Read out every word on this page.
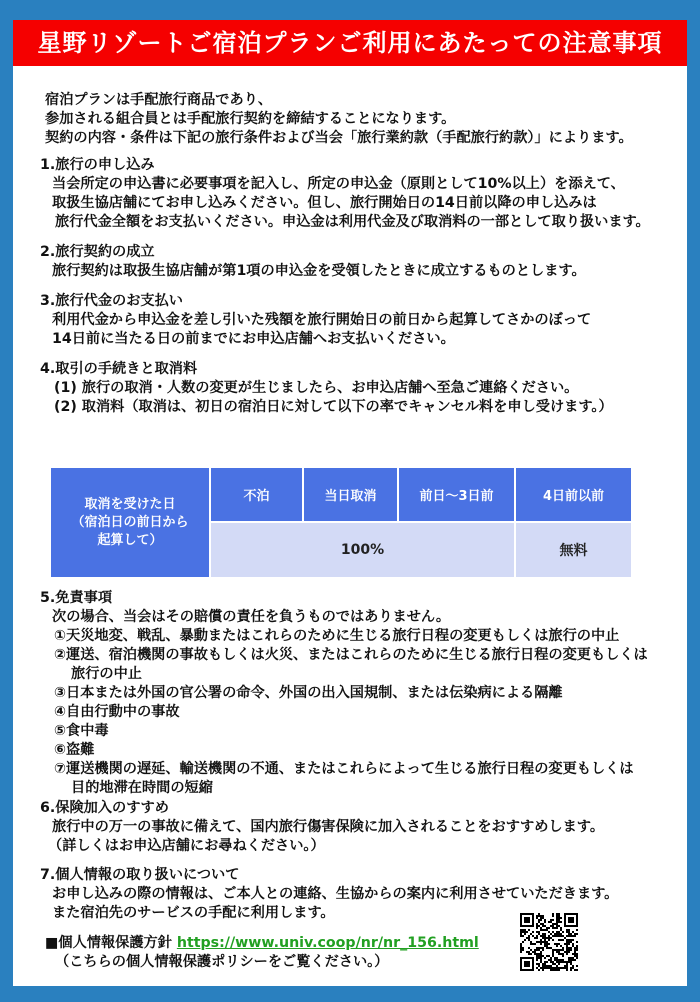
星野リゾートご宿泊プランご利用にあたっての注意事項
宿泊プランは手配旅行商品であり、
参加される組合員とは手配旅行契約を締結することになります。
契約の内容・条件は下記の旅行条件および当会「旅行業約款（手配旅行約款）」によります。
1.旅行の申し込み
当会所定の申込書に必要事項を記入し、所定の申込金（原則として10%以上）を添えて、
取扱生協店舗にてお申し込みください。但し、旅行開始日の14日前以降の申し込みは
旅行代金全額をお支払いください。申込金は利用代金及び取消料の一部として取り扱います。
2.旅行契約の成立
旅行契約は取扱生協店舗が第1項の申込金を受領したときに成立するものとします。
3.旅行代金のお支払い
利用代金から申込金を差し引いた残額を旅行開始日の前日から起算してさかのぼって
14日前に当たる日の前までにお申込店舗へお支払いください。
4.取引の手続きと取消料
(1) 旅行の取消・人数の変更が生じましたら、お申込店舗へ至急ご連絡ください。
(2) 取消料（取消は、初日の宿泊日に対して以下の率でキャンセル料を申し受けます。）
取消を受けた日
（宿泊日の前日から
起算して）	不泊	当日取消	前日～3日前	4日前以前
	100%			無料
5.免責事項
次の場合、当会はその賠償の責任を負うものではありません。
①天災地変、戦乱、暴動またはこれらのために生じる旅行日程の変更もしくは旅行の中止
②運送、宿泊機関の事故もしくは火災、またはこれらのために生じる旅行日程の変更もしくは
旅行の中止
③日本または外国の官公署の命令、外国の出入国規制、または伝染病による隔離
④自由行動中の事故
⑤食中毒
⑥盗難
⑦運送機関の遅延、輸送機関の不通、またはこれらによって生じる旅行日程の変更もしくは
目的地滞在時間の短縮
6.保険加入のすすめ
旅行中の万一の事故に備えて、国内旅行傷害保険に加入されることをおすすめします。
（詳しくはお申込店舗にお尋ねください。）
7.個人情報の取り扱いについて
お申し込みの際の情報は、ご本人との連絡、生協からの案内に利用させていただきます。
また宿泊先のサービスの手配に利用します。
■個人情報保護方針 https://www.univ.coop/nr/nr_156.html
（こちらの個人情報保護ポリシーをご覧ください。）
